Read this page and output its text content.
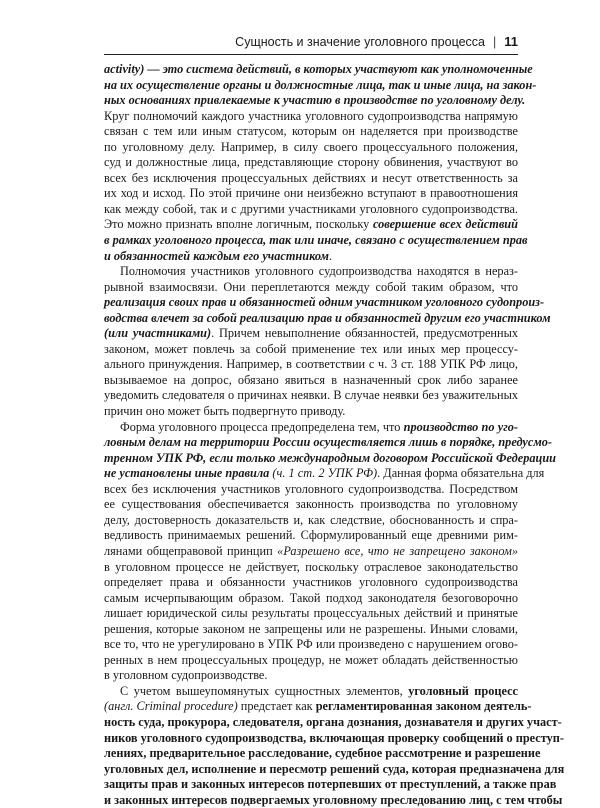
Сущность и значение уголовного процесса | 11
activity) — это система действий, в которых участвуют как уполномоченные
на их осуществление органы и должностные лица, так и иные лица, на закон-
ных основаниях привлекаемые к участию в производстве по уголовному делу.
Круг полномочий каждого участника уголовного судопроизводства напрямую
связан с тем или иным статусом, которым он наделяется при производстве
по уголовному делу. Например, в силу своего процессуального положения,
суд и должностные лица, представляющие сторону обвинения, участвуют во
всех без исключения процессуальных действиях и несут ответственность за
их ход и исход. По этой причине они неизбежно вступают в правоотношения
как между собой, так и с другими участниками уголовного судопроизводства.
Это можно признать вполне логичным, поскольку совершение всех действий
в рамках уголовного процесса, так или иначе, связано с осуществлением прав
и обязанностей каждым его участником.
Полномочия участников уголовного судопроизводства находятся в нераз-
рывной взаимосвязи. Они переплетаются между собой таким образом, что
реализация своих прав и обязанностей одним участником уголовного судопроиз-
водства влечет за собой реализацию прав и обязанностей другим его участником
(или участниками). Причем невыполнение обязанностей, предусмотренных
законом, может повлечь за собой применение тех или иных мер процессу-
ального принуждения. Например, в соответствии с ч. 3 ст. 188 УПК РФ лицо,
вызываемое на допрос, обязано явиться в назначенный срок либо заранее
уведомить следователя о причинах неявки. В случае неявки без уважительных
причин оно может быть подвергнуто приводу.
Форма уголовного процесса предопределена тем, что производство по уго-
ловным делам на территории России осуществляется лишь в порядке, предусмо-
тренном УПК РФ, если только международным договором Российской Федерации
не установлены иные правила (ч. 1 ст. 2 УПК РФ). Данная форма обязательна для
всех без исключения участников уголовного судопроизводства. Посредством
ее существования обеспечивается законность производства по уголовному
делу, достоверность доказательств и, как следствие, обоснованность и спра-
ведливость принимаемых решений. Сформулированный еще древними рим-
лянами общеправовой принцип «Разрешено все, что не запрещено законом»
в уголовном процессе не действует, поскольку отраслевое законодательство
определяет права и обязанности участников уголовного судопроизводства
самым исчерпывающим образом. Такой подход законодателя безоговорочно
лишает юридической силы результаты процессуальных действий и принятые
решения, которые законом не запрещены или не разрешены. Иными словами,
все то, что не урегулировано в УПК РФ или произведено с нарушением огово-
ренных в нем процессуальных процедур, не может обладать действенностью
в уголовном судопроизводстве.
С учетом вышеупомянутых сущностных элементов, уголовный процесс
(англ. Criminal procedure) предстает как регламентированная законом деятель-
ность суда, прокурора, следователя, органа дознания, дознавателя и других участ-
ников уголовного судопроизводства, включающая проверку сообщений о преступ-
лениях, предварительное расследование, судебное рассмотрение и разрешение
уголовных дел, исполнение и пересмотр решений суда, которая предназначена для
защиты прав и законных интересов потерпевших от преступлений, а также прав
и законных интересов подвергаемых уголовному преследованию лиц, с тем чтобы
